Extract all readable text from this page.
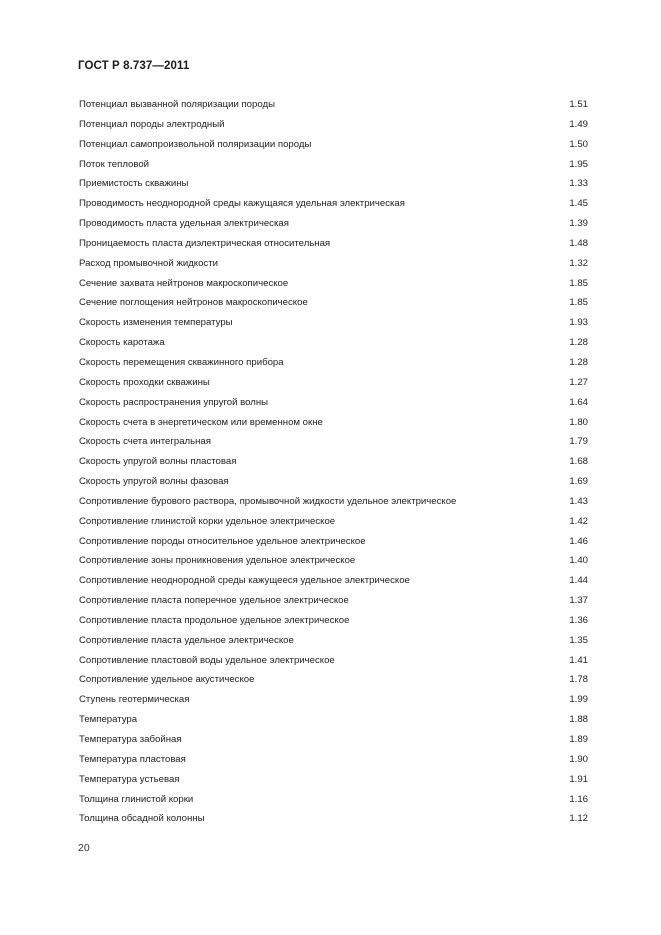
ГОСТ Р 8.737—2011
Потенциал вызванной поляризации породы	1.51
Потенциал породы электродный	1.49
Потенциал самопроизвольной поляризации породы	1.50
Поток тепловой	1.95
Приемистость скважины	1.33
Проводимость неоднородной среды кажущаяся удельная электрическая	1.45
Проводимость пласта удельная электрическая	1.39
Проницаемость пласта диэлектрическая относительная	1.48
Расход промывочной жидкости	1.32
Сечение захвата нейтронов макроскопическое	1.85
Сечение поглощения нейтронов макроскопическое	1.85
Скорость изменения температуры	1.93
Скорость каротажа	1.28
Скорость перемещения скважинного прибора	1.28
Скорость проходки скважины	1.27
Скорость распространения упругой волны	1.64
Скорость счета в энергетическом или временном окне	1.80
Скорость счета интегральная	1.79
Скорость упругой волны пластовая	1.68
Скорость упругой волны фазовая	1.69
Сопротивление бурового раствора, промывочной жидкости удельное электрическое	1.43
Сопротивление глинистой корки удельное электрическое	1.42
Сопротивление породы относительное удельное электрическое	1.46
Сопротивление зоны проникновения удельное электрическое	1.40
Сопротивление неоднородной среды кажущееся удельное электрическое	1.44
Сопротивление пласта поперечное удельное электрическое	1.37
Сопротивление пласта продольное удельное электрическое	1.36
Сопротивление пласта удельное электрическое	1.35
Сопротивление пластовой воды удельное электрическое	1.41
Сопротивление удельное акустическое	1.78
Ступень геотермическая	1.99
Температура	1.88
Температура забойная	1.89
Температура пластовая	1.90
Температура устьевая	1.91
Толщина глинистой корки	1.16
Толщина обсадной колонны	1.12
20
